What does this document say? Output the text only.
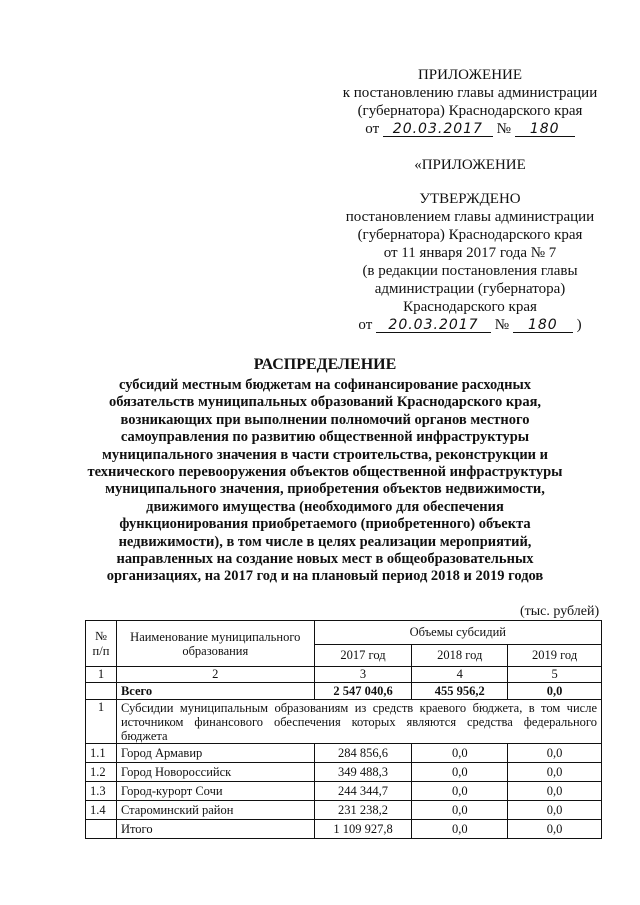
ПРИЛОЖЕНИЕ
к постановлению главы администрации
(губернатора) Краснодарского края
от 20.03.2017 № 180
«ПРИЛОЖЕНИЕ
УТВЕРЖДЕНО
постановлением главы администрации
(губернатора) Краснодарского края
от 11 января 2017 года № 7
(в редакции постановления главы
администрации (губернатора)
Краснодарского края
от 20.03.2017 № 180 )
РАСПРЕДЕЛЕНИЕ
субсидий местным бюджетам на софинансирование расходных
обязательств муниципальных образований Краснодарского края,
возникающих при выполнении полномочий органов местного
самоуправления по развитию общественной инфраструктуры
муниципального значения в части строительства, реконструкции и
технического перевооружения объектов общественной инфраструктуры
муниципального значения, приобретения объектов недвижимости,
движимого имущества (необходимого для обеспечения
функционирования приобретаемого (приобретенного) объекта
недвижимости), в том числе в целях реализации мероприятий,
направленных на создание новых мест в общеобразовательных
организациях, на 2017 год и на плановый период 2018 и 2019 годов
(тыс. рублей)
№ п/п	Наименование муниципального образования	Объемы субсидий		
		2017 год	2018 год	2019 год
1	2	3	4	5
	Всего	2 547 040,6	455 956,2	0,0
1	Субсидии муниципальным образованиям из средств краевого бюджета, в том числе источником финансового обеспечения которых являются средства федерального бюджета			
1.1	Город Армавир	284 856,6	0,0	0,0
1.2	Город Новороссийск	349 488,3	0,0	0,0
1.3	Город-курорт Сочи	244 344,7	0,0	0,0
1.4	Староминский район	231 238,2	0,0	0,0
	Итого	1 109 927,8	0,0	0,0
